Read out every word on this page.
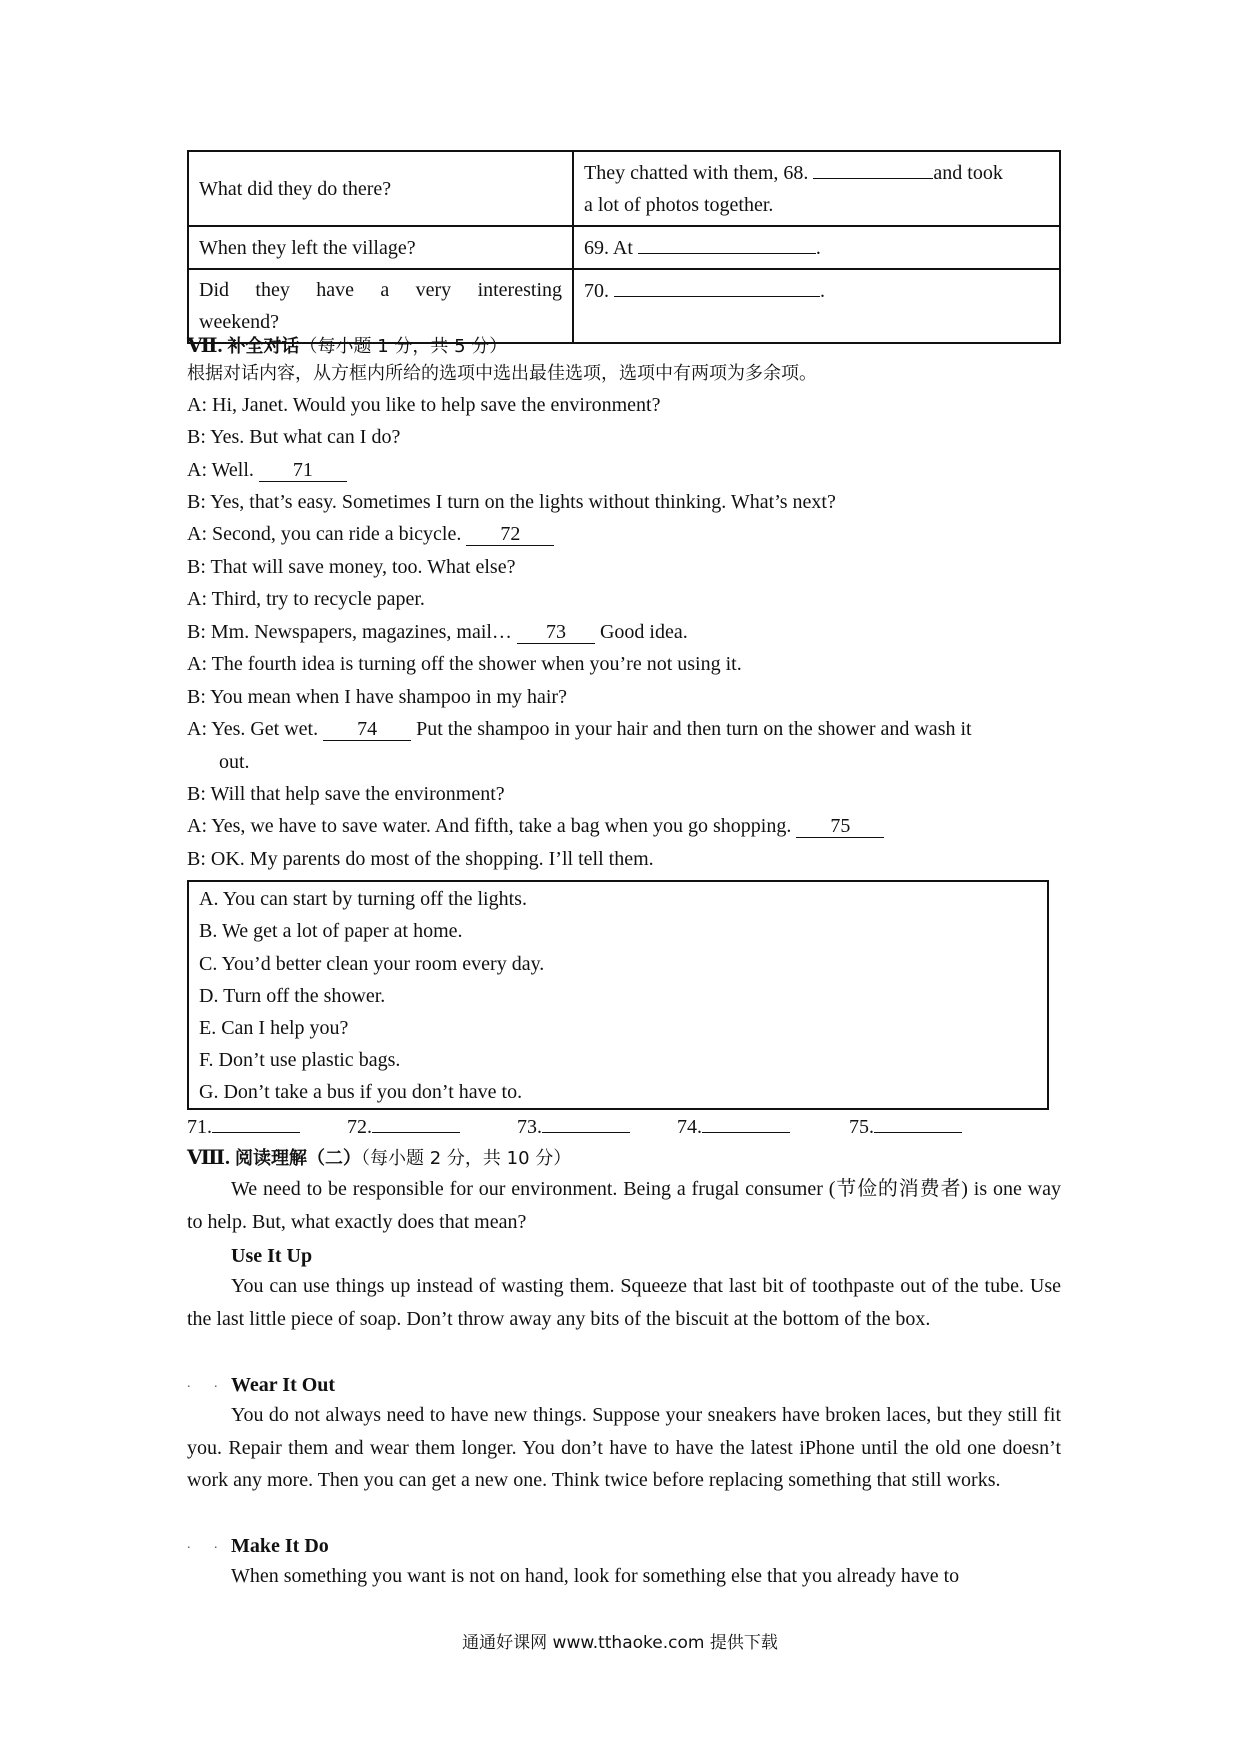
What did they do there?	They chatted with them, 68. and took
a lot of photos together.
When they left the village?	69. At .

Did they have a very interesting
weekend?	70. .
Ⅶ. 补全对话（每小题 1 分，共 5 分）
根据对话内容，从方框内所给的选项中选出最佳选项，选项中有两项为多余项。
A: Hi, Janet. Would you like to help save the environment?
B: Yes. But what can I do?
A: Well. 71
B: Yes, that’s easy. Sometimes I turn on the lights without thinking. What’s next?
A: Second, you can ride a bicycle. 72
B: That will save money, too. What else?
A: Third, try to recycle paper.
B: Mm. Newspapers, magazines, mail… 73 Good idea.
A: The fourth idea is turning off the shower when you’re not using it.
B: You mean when I have shampoo in my hair?
A: Yes. Get wet. 74 Put the shampoo in your hair and then turn on the shower and wash it
out.
B: Will that help save the environment?
A: Yes, we have to save water. And fifth, take a bag when you go shopping. 75
B: OK. My parents do most of the shopping. I’ll tell them.
A. You can start by turning off the lights.
B. We get a lot of paper at home.
C. You’d better clean your room every day.
D. Turn off the shower.
E. Can I help you?
F. Don’t use plastic bags.
G. Don’t take a bus if you don’t have to.
71.	72.	73.	74.	75.
Ⅷ. 阅读理解（二）（每小题 2 分，共 10 分）
We need to be responsible for our environment. Being a frugal consumer (节俭的消费者) is one way to help. But, what exactly does that mean?
Use It Up
You can use things up instead of wasting them. Squeeze that last bit of toothpaste out of the tube. Use the last little piece of soap. Don’t throw away any bits of the biscuit at the bottom of the box.
. . Wear It Out
You do not always need to have new things. Suppose your sneakers have broken laces, but they still fit you. Repair them and wear them longer. You don’t have to have the latest iPhone until the old one doesn’t work any more. Then you can get a new one. Think twice before replacing something that still works.
. . Make It Do
When something you want is not on hand, look for something else that you already have to
通通好课网 www.tthaoke.com 提供下载
